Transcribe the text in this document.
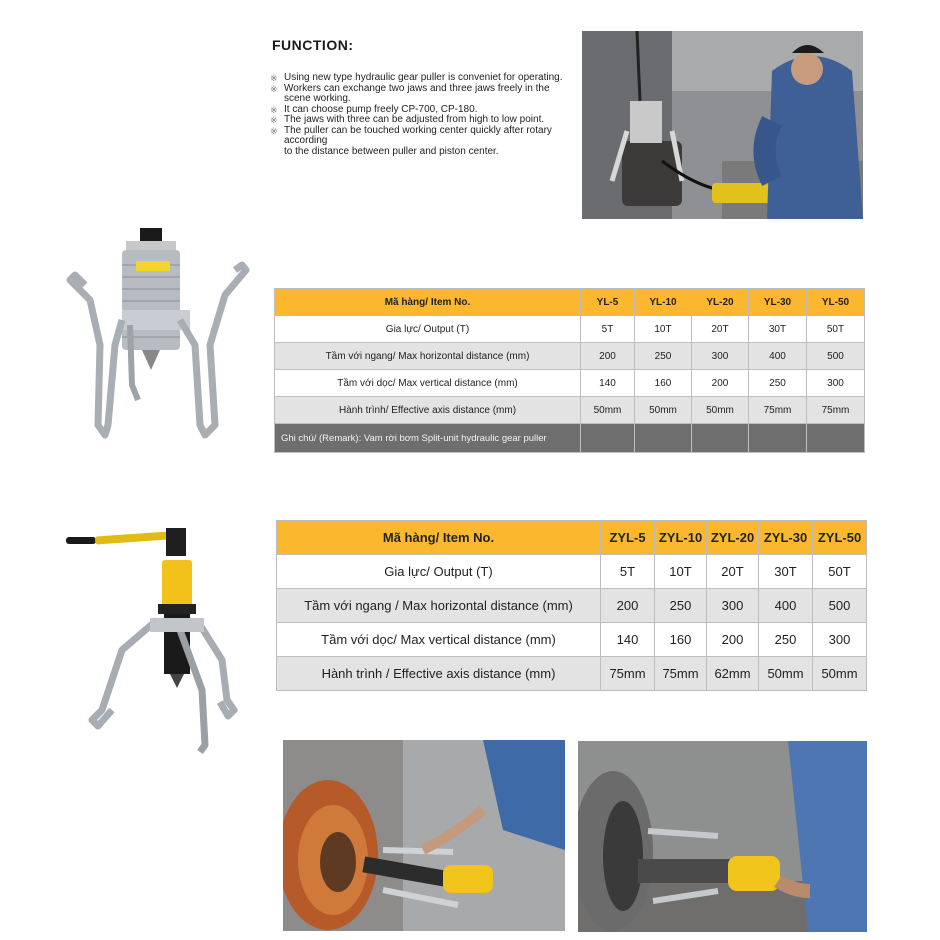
FUNCTION:
※ Using new type hydraulic gear puller is conveniet for operating.
※ Workers can exchange two jaws and three jaws freely in the scene working.
※ It can choose pump freely CP-700, CP-180.
※ The jaws with three can be adjusted from high to low point.
※ The puller can be touched working center quickly after rotary according
to the distance between puller and piston center.
Mã hàng/ Item No.	YL-5	YL-10	YL-20	YL-30	YL-50
Gia lực/ Output (T)	5T	10T	20T	30T	50T
Tầm với ngang/ Max horizontal distance (mm)	200	250	300	400	500
Tầm với dọc/ Max vertical distance (mm)	140	160	200	250	300
Hành trình/ Effective axis distance (mm)	50mm	50mm	50mm	75mm	75mm
Ghi chú/ (Remark): Vam rời bơm Split-unit hydraulic gear puller					
Mã hàng/ Item No.	ZYL-5	ZYL-10	ZYL-20	ZYL-30	ZYL-50
Gia lực/ Output (T)	5T	10T	20T	30T	50T
Tầm với ngang / Max horizontal distance (mm)	200	250	300	400	500
Tầm với dọc/ Max vertical distance (mm)	140	160	200	250	300
Hành trình / Effective axis distance (mm)	75mm	75mm	62mm	50mm	50mm
